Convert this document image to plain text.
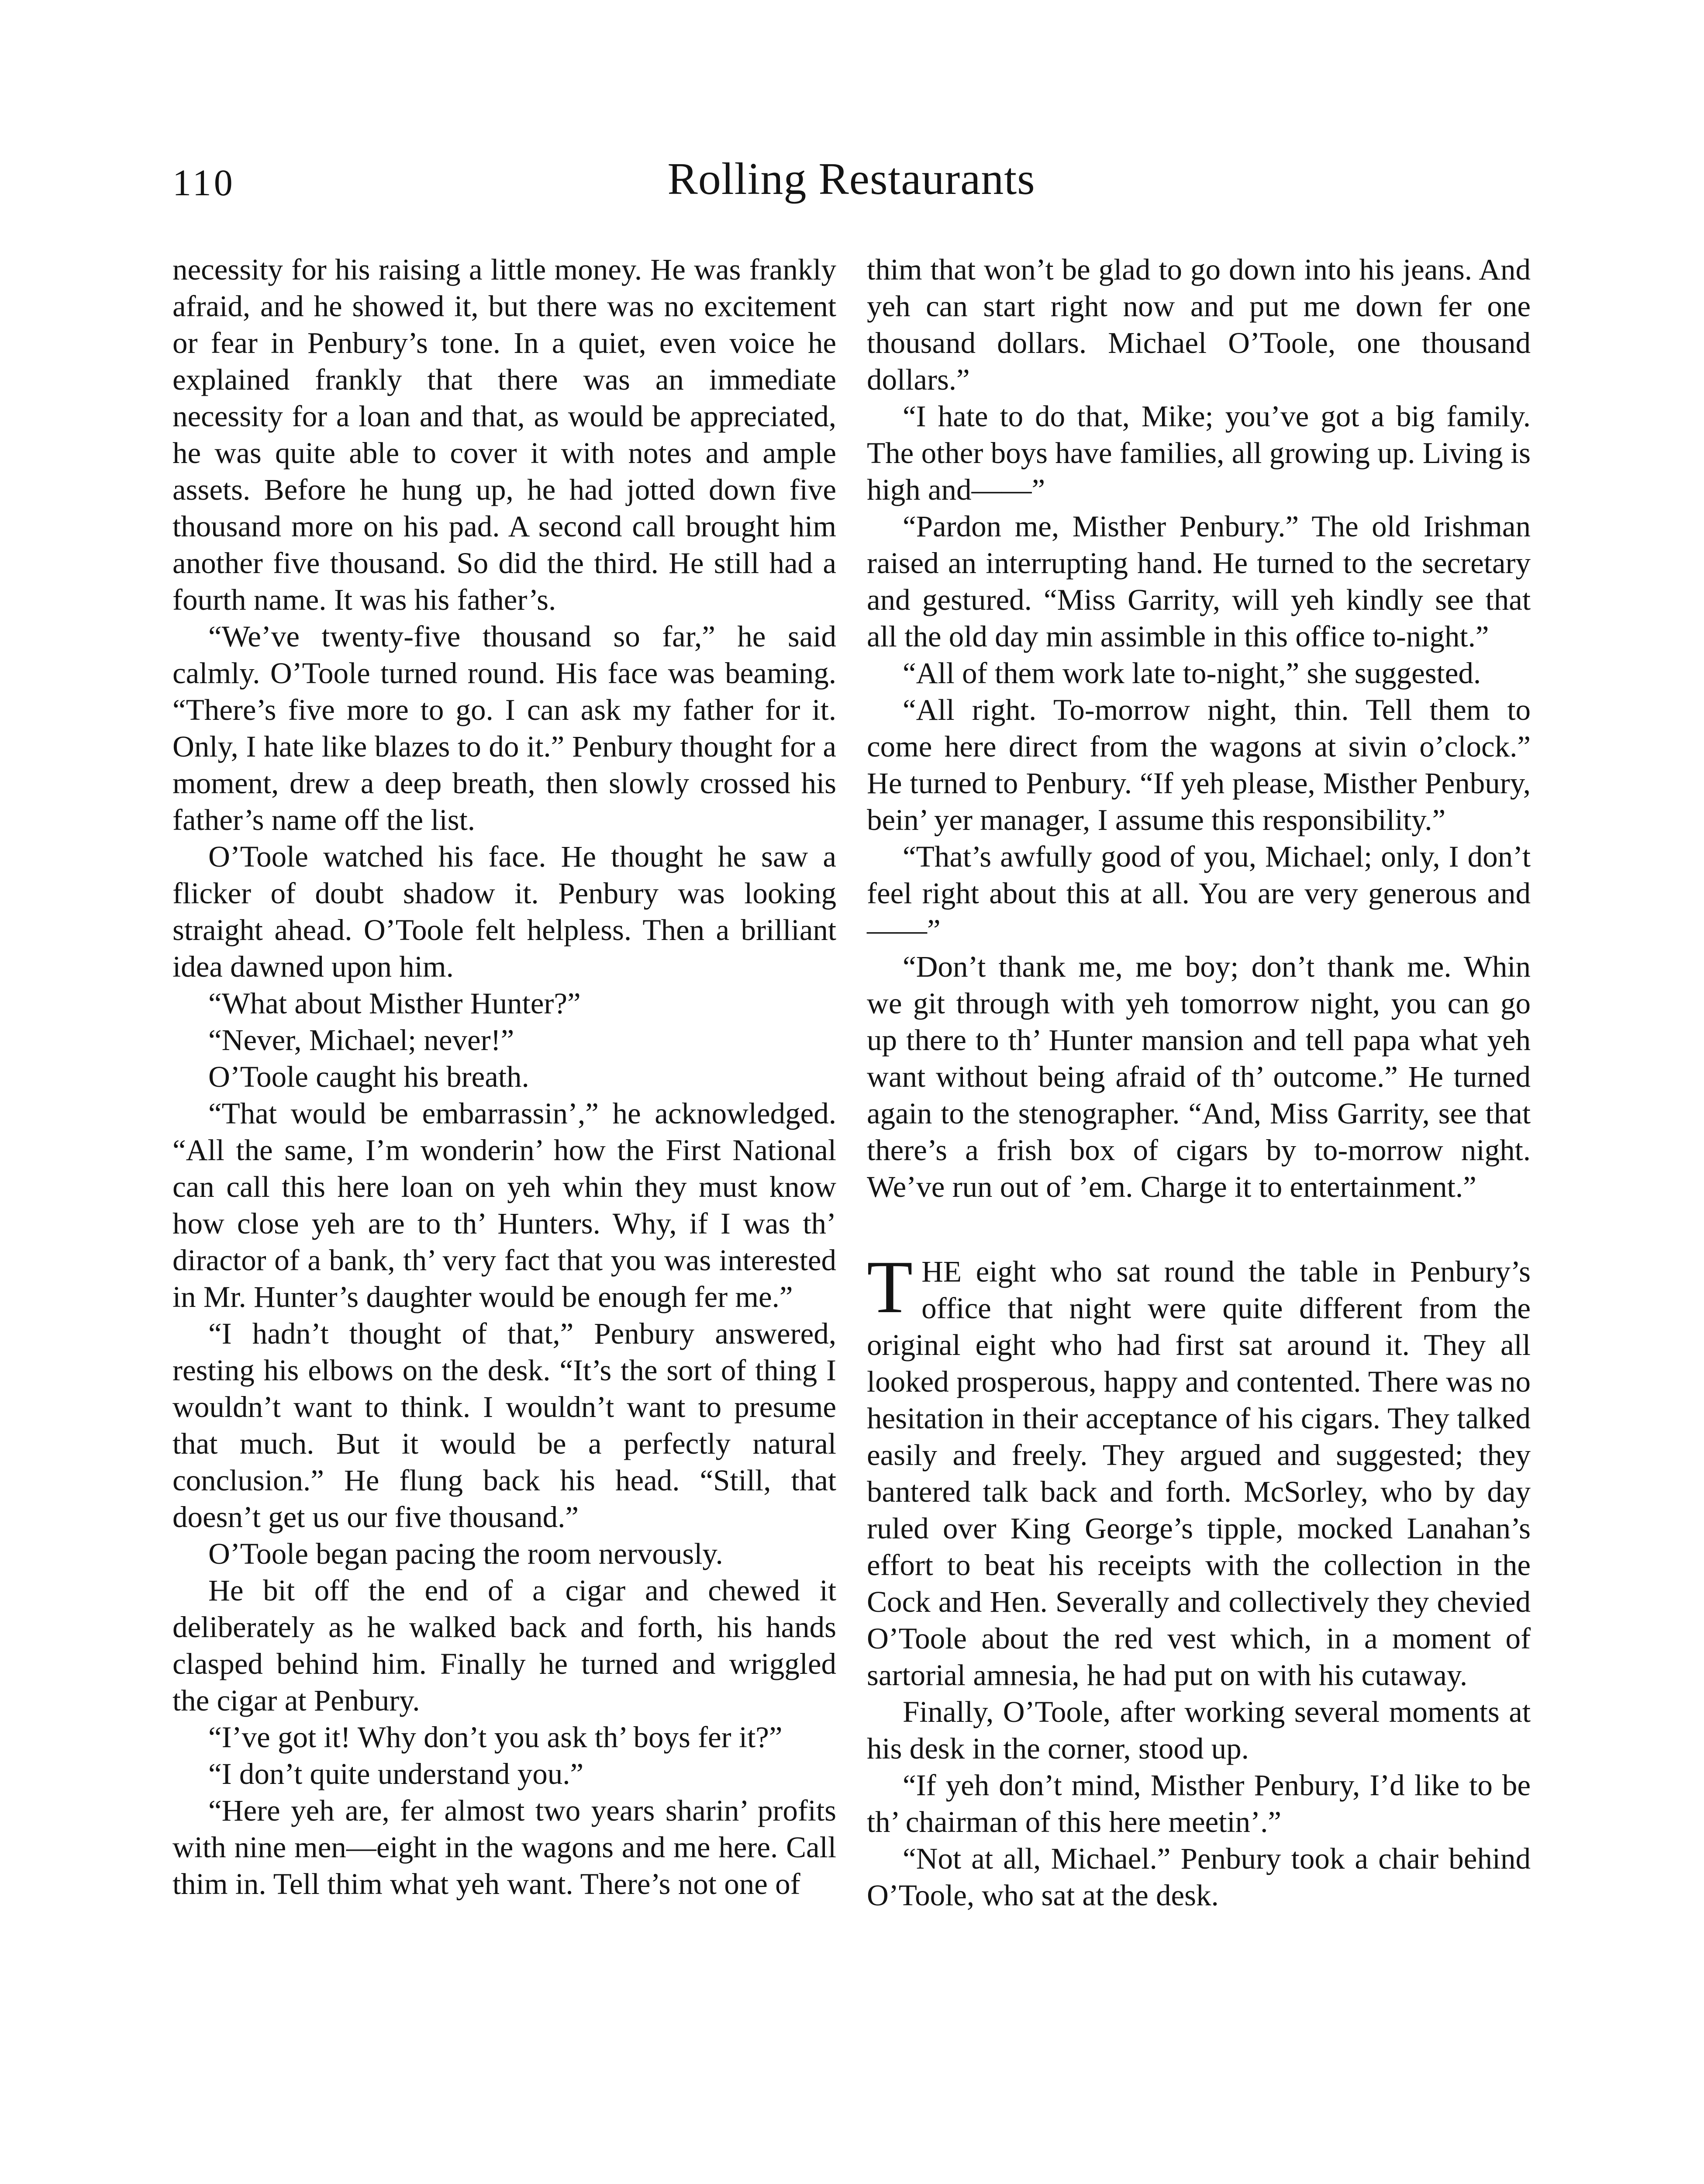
110	Rolling Restaurants

necessity for his raising a little money. He was frankly afraid, and he showed it, but there was no excitement or fear in Penbury’s tone. In a quiet, even voice he explained frankly that there was an immediate necessity for a loan and that, as would be appreciated, he was quite able to cover it with notes and ample assets. Before he hung up, he had jotted down five thousand more on his pad. A second call brought him another five thousand. So did the third. He still had a fourth name. It was his father’s.

“We’ve twenty-five thousand so far,” he said calmly. O’Toole turned round. His face was beaming. “There’s five more to go. I can ask my father for it. Only, I hate like blazes to do it.” Penbury thought for a moment, drew a deep breath, then slowly crossed his father’s name off the list.

O’Toole watched his face. He thought he saw a flicker of doubt shadow it. Penbury was looking straight ahead. O’Toole felt helpless. Then a brilliant idea dawned upon him.

“What about Misther Hunter?”

“Never, Michael; never!”

O’Toole caught his breath.

“That would be embarrassin’,” he acknowledged. “All the same, I’m wonderin’ how the First National can call this here loan on yeh whin they must know how close yeh are to th’ Hunters. Why, if I was th’ diractor of a bank, th’ very fact that you was interested in Mr. Hunter’s daughter would be enough fer me.”

“I hadn’t thought of that,” Penbury answered, resting his elbows on the desk. “It’s the sort of thing I wouldn’t want to think. I wouldn’t want to presume that much. But it would be a perfectly natural conclusion.” He flung back his head. “Still, that doesn’t get us our five thousand.”

O’Toole began pacing the room nervously.

He bit off the end of a cigar and chewed it deliberately as he walked back and forth, his hands clasped behind him. Finally he turned and wriggled the cigar at Penbury.

“I’ve got it! Why don’t you ask th’ boys fer it?”

“I don’t quite understand you.”

“Here yeh are, fer almost two years sharin’ profits with nine men—eight in the wagons and me here. Call thim in. Tell thim what yeh want. There’s not one of

thim that won’t be glad to go down into his jeans. And yeh can start right now and put me down fer one thousand dollars. Michael O’Toole, one thousand dollars.”

“I hate to do that, Mike; you’ve got a big family. The other boys have families, all growing up. Living is high and——”

“Pardon me, Misther Penbury.” The old Irishman raised an interrupting hand. He turned to the secretary and gestured. “Miss Garrity, will yeh kindly see that all the old day min assimble in this office to-night.”

“All of them work late to-night,” she suggested.

“All right. To-morrow night, thin. Tell them to come here direct from the wagons at sivin o’clock.” He turned to Penbury. “If yeh please, Misther Penbury, bein’ yer manager, I assume this responsibility.”

“That’s awfully good of you, Michael; only, I don’t feel right about this at all. You are very generous and——”

“Don’t thank me, me boy; don’t thank me. Whin we git through with yeh tomorrow night, you can go up there to th’ Hunter mansion and tell papa what yeh want without being afraid of th’ outcome.” He turned again to the stenographer. “And, Miss Garrity, see that there’s a frish box of cigars by to-morrow night. We’ve run out of ’em. Charge it to entertainment.”

THE eight who sat round the table in Penbury’s office that night were quite different from the original eight who had first sat around it. They all looked prosperous, happy and contented. There was no hesitation in their acceptance of his cigars. They talked easily and freely. They argued and suggested; they bantered talk back and forth. McSorley, who by day ruled over King George’s tipple, mocked Lanahan’s effort to beat his receipts with the collection in the Cock and Hen. Severally and collectively they chevied O’Toole about the red vest which, in a moment of sartorial amnesia, he had put on with his cutaway.

Finally, O’Toole, after working several moments at his desk in the corner, stood up.

“If yeh don’t mind, Misther Penbury, I’d like to be th’ chairman of this here meetin’.”

“Not at all, Michael.” Penbury took a chair behind O’Toole, who sat at the desk.
